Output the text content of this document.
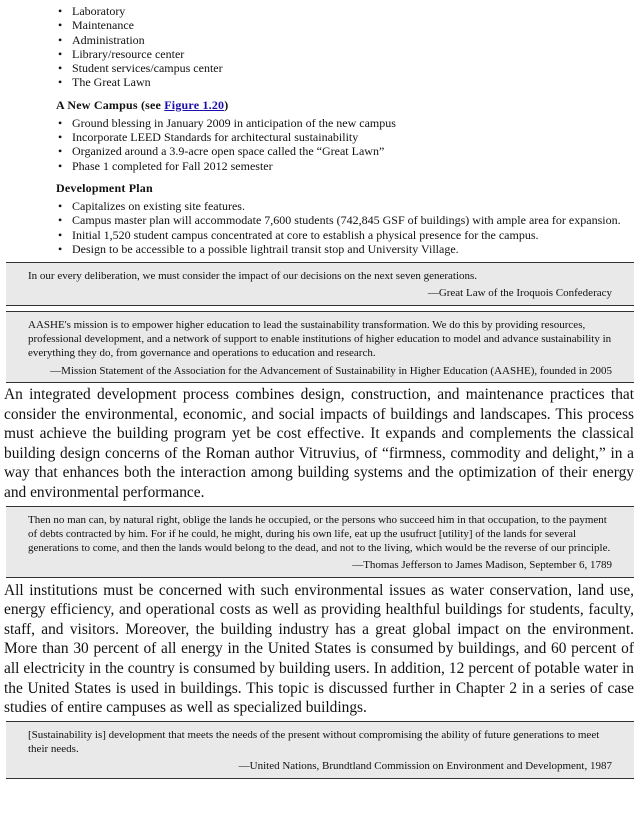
• Laboratory
• Maintenance
• Administration
• Library/resource center
• Student services/campus center
• The Great Lawn
A New Campus (see Figure 1.20)
• Ground blessing in January 2009 in anticipation of the new campus
• Incorporate LEED Standards for architectural sustainability
• Organized around a 3.9-acre open space called the “Great Lawn”
• Phase 1 completed for Fall 2012 semester
Development Plan
• Capitalizes on existing site features.
• Campus master plan will accommodate 7,600 students (742,845 GSF of buildings) with ample area for expansion.
• Initial 1,520 student campus concentrated at core to establish a physical presence for the campus.
• Design to be accessible to a possible lightrail transit stop and University Village.
In our every deliberation, we must consider the impact of our decisions on the next seven generations.
—Great Law of the Iroquois Confederacy
AASHE's mission is to empower higher education to lead the sustainability transformation. We do this by providing resources, professional development, and a network of support to enable institutions of higher education to model and advance sustainability in everything they do, from governance and operations to education and research.
—Mission Statement of the Association for the Advancement of Sustainability in Higher Education (AASHE), founded in 2005

An integrated development process combines design, construction, and maintenance practices that consider the environmental, economic, and social impacts of buildings and landscapes. This process must achieve the building program yet be cost effective. It expands and complements the classical building design concerns of the Roman author Vitruvius, of “firmness, commodity and delight,” in a way that enhances both the interaction among building systems and the optimization of their energy and environmental performance.

Then no man can, by natural right, oblige the lands he occupied, or the persons who succeed him in that occupation, to the payment of debts contracted by him. For if he could, he might, during his own life, eat up the usufruct [utility] of the lands for several generations to come, and then the lands would belong to the dead, and not to the living, which would be the reverse of our principle.
—Thomas Jefferson to James Madison, September 6, 1789

All institutions must be concerned with such environmental issues as water conservation, land use, energy efficiency, and operational costs as well as providing healthful buildings for students, faculty, staff, and visitors. Moreover, the building industry has a great global impact on the environment. More than 30 percent of all energy in the United States is consumed by buildings, and 60 percent of all electricity in the country is consumed by building users. In addition, 12 percent of potable water in the United States is used in buildings. This topic is discussed further in Chapter 2 in a series of case studies of entire campuses as well as specialized buildings.

[Sustainability is] development that meets the needs of the present without compromising the ability of future generations to meet their needs.
—United Nations, Brundtland Commission on Environment and Development, 1987
